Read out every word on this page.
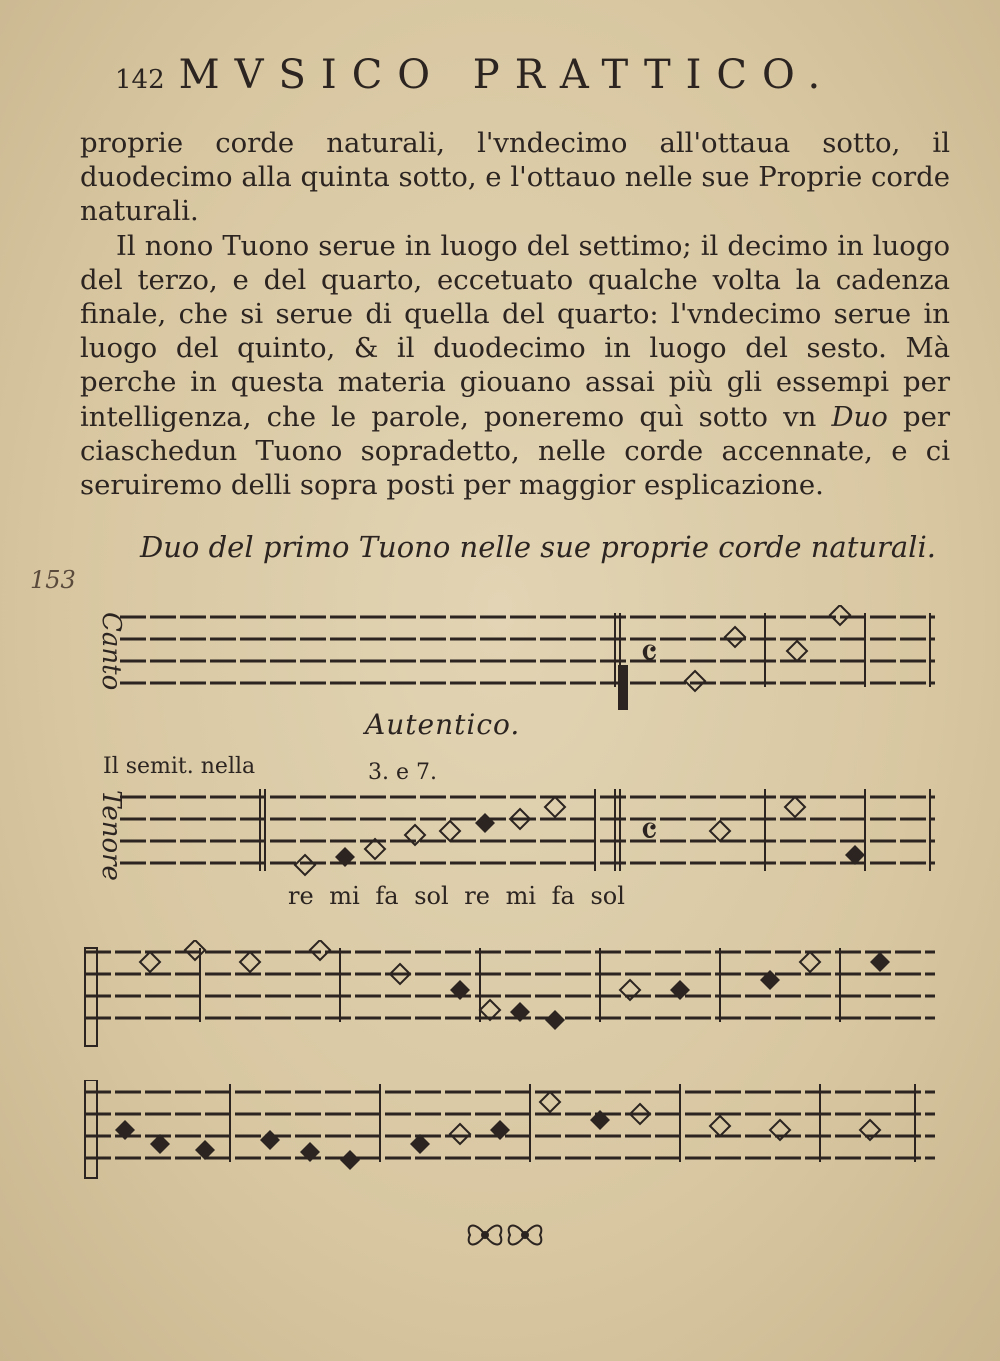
142 MVSICO PRATTICO.

proprie corde naturali, l'vndecimo all'ottaua sotto, il duodecimo alla quinta sotto, e l'ottauo nelle sue Proprie corde naturali.

Il nono Tuono serue in luogo del settimo; il decimo in luogo del terzo, e del quarto, eccetuato qualche volta la cadenza finale, che si serue di quella del quarto: l'vndecimo serue in luogo del quinto, & il duodecimo in luogo del sesto. Mà perche in questa materia giouano assai più gli essempi per intelligenza, che le parole, poneremo quì sotto vn Duo per ciaschedun Tuono sopradetto, nelle corde accennate, e ci seruiremo delli sopra posti per maggior esplicazione.

153
Duo del primo Tuono nelle sue proprie corde naturali.
Canto	𝄴
Autentico.
Il semit. nella	3. e 7.
Tenore	𝄴
re mi fa sol re mi fa sol
